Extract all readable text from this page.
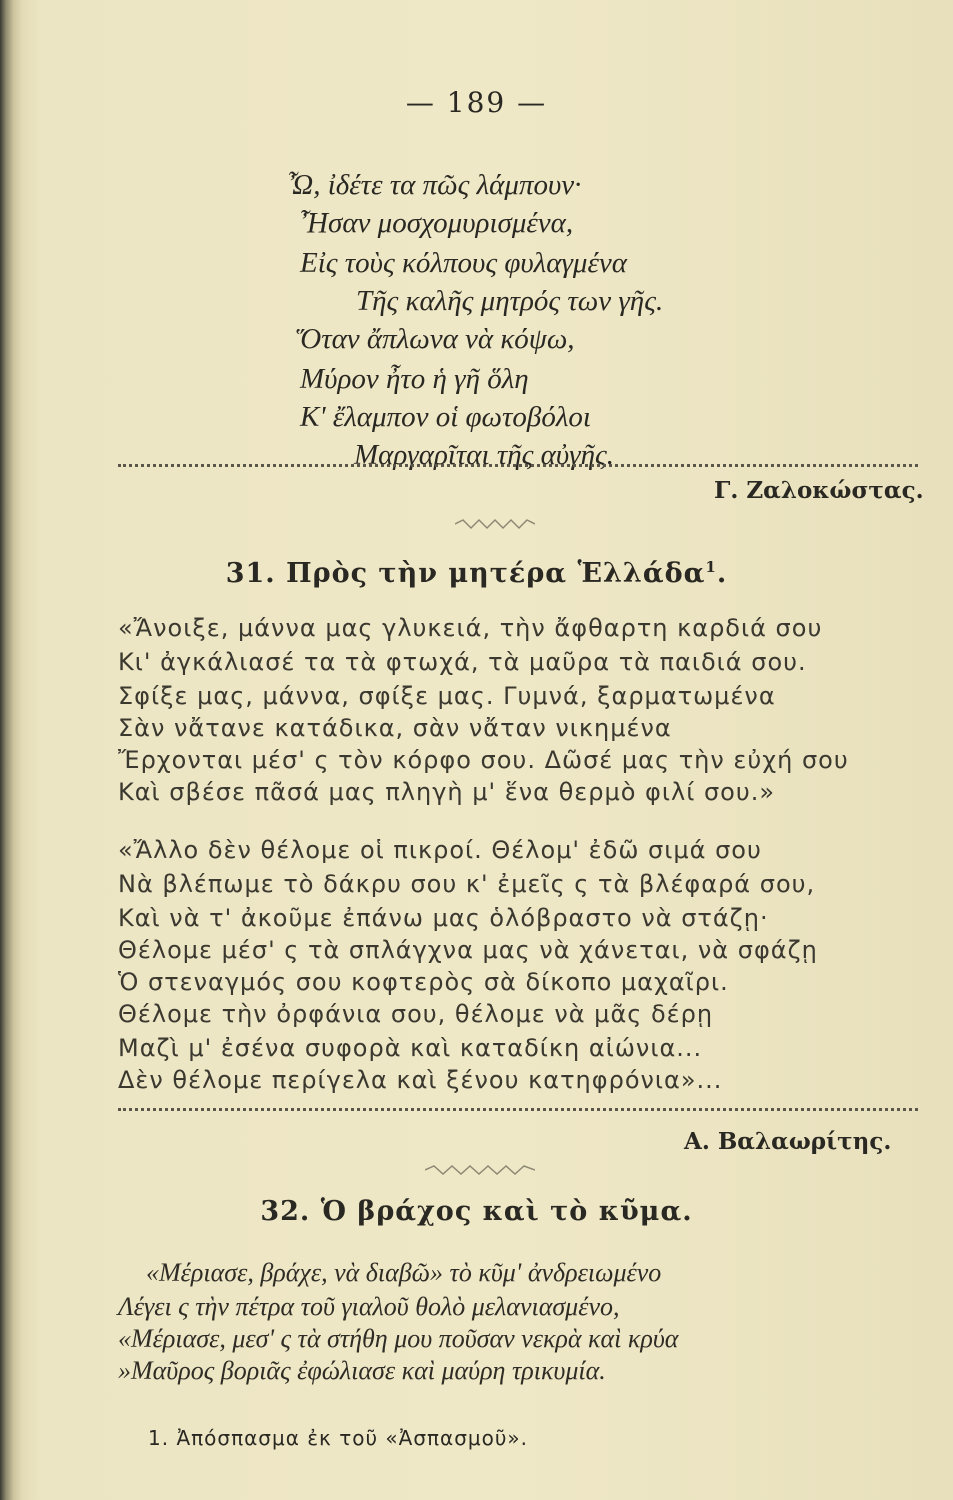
— 189 —
Ὦ, ἰδέτε τα πῶς λάμπουν·
Ἦσαν μοσχομυρισμένα,
Εἰς τοὺς κόλπους φυλαγμένα
Τῆς καλῆς μητρός των γῆς.
Ὅταν ἄπλωνα νὰ κόψω,
Μύρον ἦτο ἡ γῆ ὅλη
Κ' ἔλαμπον οἱ φωτοβόλοι
Μαργαρῖται τῆς αὐγῆς.
Γ. Ζαλοκώστας.
31. Πρὸς τὴν μητέρα Ἑλλάδα$^1$.
«Ἄνοιξε, μάννα μας γλυκειά, τὴν ἄφθαρτη καρδιά σου
Κι' ἀγκάλιασέ τα τὰ φτωχά, τὰ μαῦρα τὰ παιδιά σου.
Σφίξε μας, μάννα, σφίξε μας. Γυμνά, ξαρματωμένα
Σὰν νἄτανε κατάδικα, σὰν νἄταν νικημένα
Ἔρχονται μέσ' ς τὸν κόρφο σου. Δῶσέ μας τὴν εὐχή σου
Καὶ σβέσε πᾶσά μας πληγὴ μ' ἕνα θερμὸ φιλί σου.»
«Ἄλλο δὲν θέλομε οἱ πικροί. Θέλομ' ἐδῶ σιμά σου
Νὰ βλέπωμε τὸ δάκρυ σου κ' ἐμεῖς ς τὰ βλέφαρά σου,
Καὶ νὰ τ' ἀκοῦμε ἐπάνω μας ὁλόβραστο νὰ στάζῃ·
Θέλομε μέσ' ς τὰ σπλάγχνα μας νὰ χάνεται, νὰ σφάζῃ
Ὁ στεναγμός σου κοφτερὸς σὰ δίκοπο μαχαῖρι.
Θέλομε τὴν ὀρφάνια σου, θέλομε νὰ μᾶς δέρῃ
Μαζὶ μ' ἐσένα συφορὰ καὶ καταδίκη αἰώνια...
Δὲν θέλομε περίγελα καὶ ξένου κατηφρόνια»...
Α. Βαλαωρίτης.
32. Ὁ βράχος καὶ τὸ κῦμα.
«Μέριασε, βράχε, νὰ διαβῶ» τὸ κῦμ' ἀνδρειωμένο
Λέγει ς τὴν πέτρα τοῦ γιαλοῦ θολὸ μελανιασμένο,
«Μέριασε, μεσ' ς τὰ στήθη μου ποῦσαν νεκρὰ καὶ κρύα
»Μαῦρος βοριᾶς ἐφώλιασε καὶ μαύρη τρικυμία.
1. Ἀπόσπασμα ἐκ τοῦ «Ἀσπασμοῦ».
